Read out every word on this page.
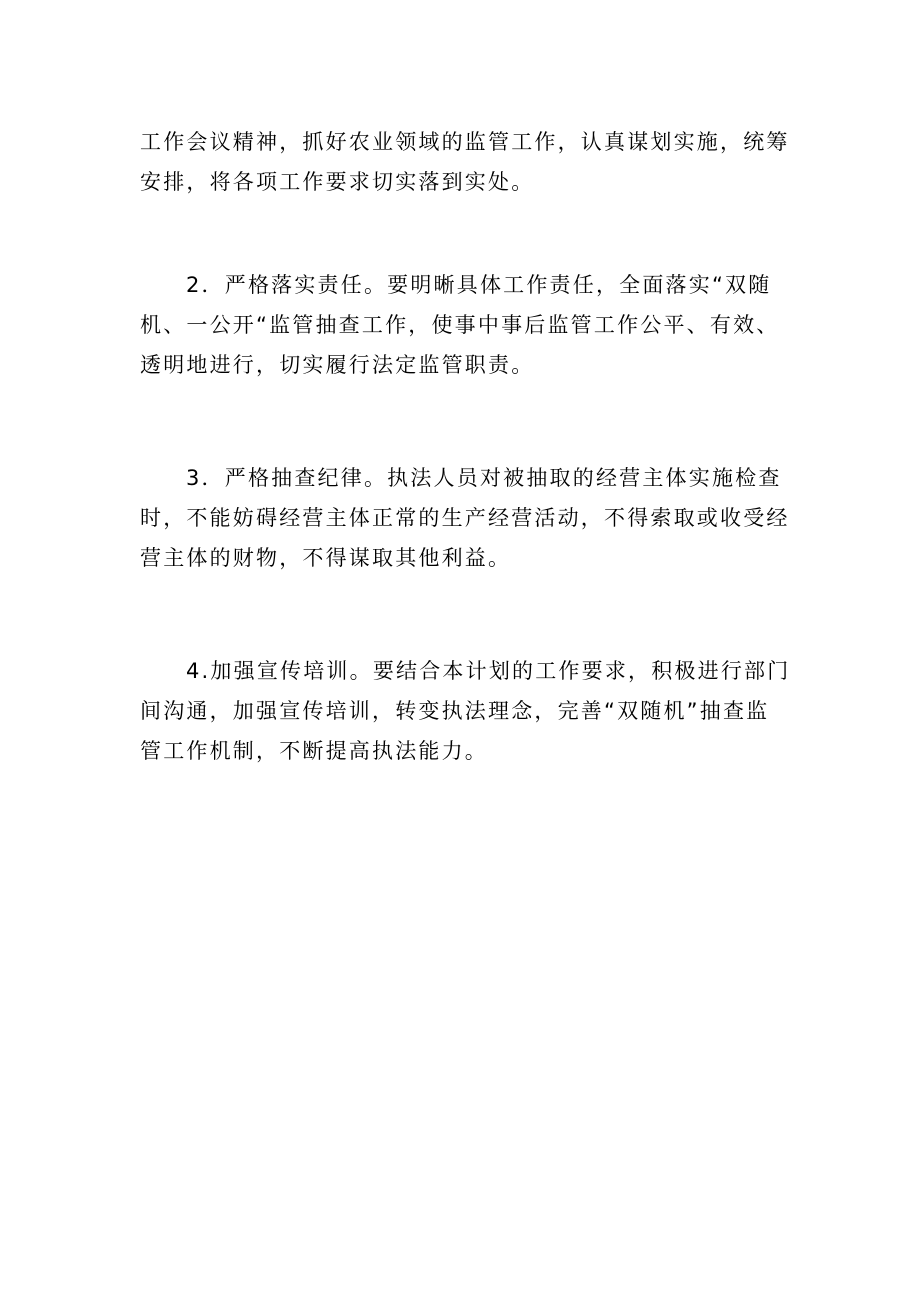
工作会议精神，抓好农业领域的监管工作，认真谋划实施，统筹
安排，将各项工作要求切实落到实处。
2．严格落实责任。要明晰具体工作责任，全面落实“双随
机、一公开“监管抽查工作，使事中事后监管工作公平、有效、
透明地进行，切实履行法定监管职责。
3．严格抽查纪律。执法人员对被抽取的经营主体实施检查
时，不能妨碍经营主体正常的生产经营活动，不得索取或收受经
营主体的财物，不得谋取其他利益。
4.加强宣传培训。要结合本计划的工作要求，积极进行部门
间沟通，加强宣传培训，转变执法理念，完善“双随机”抽查监
管工作机制，不断提高执法能力。
